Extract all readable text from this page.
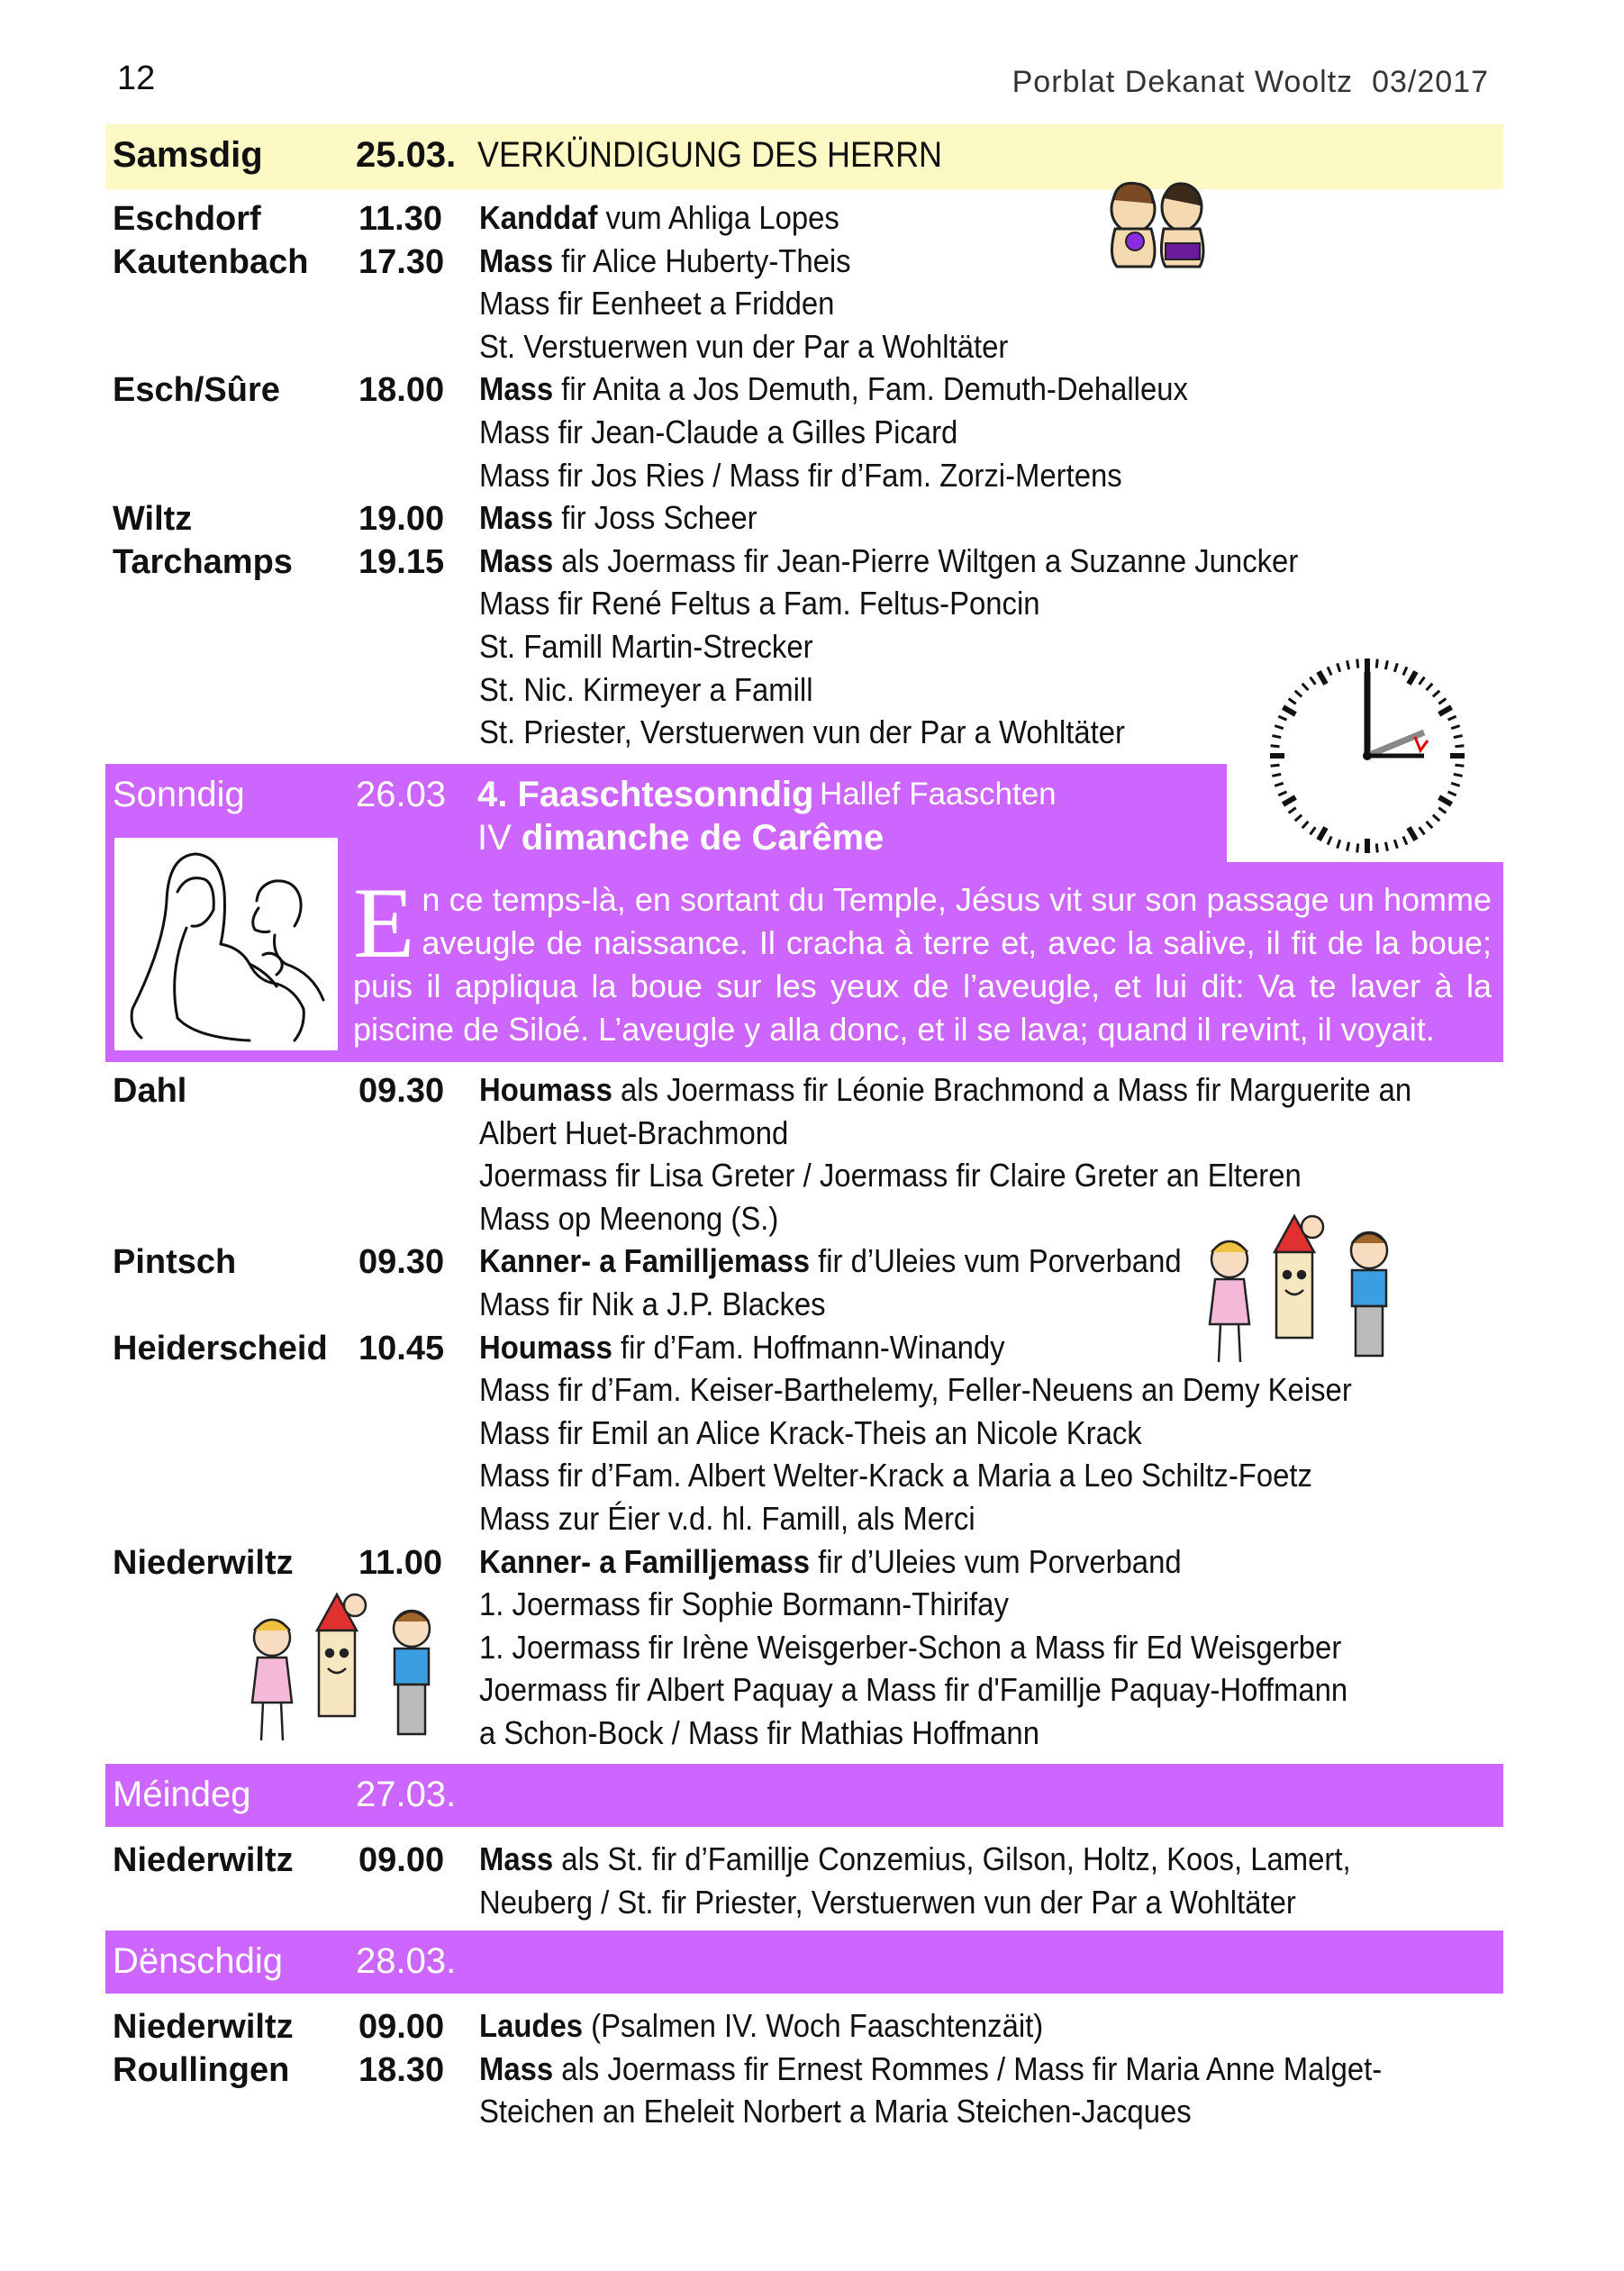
12	Porblat Dekanat Wooltz 03/2017
Samsdig	25.03. VERKÜNDIGUNG DES HERRN
Eschdorf	11.30 Kanddaf vum Ahliga Lopes
Kautenbach 17.30 Mass fir Alice Huberty-Theis
Mass fir Eenheet a Fridden
St. Verstuerwen vun der Par a Wohltäter
Esch/Sûre 18.00 Mass fir Anita a Jos Demuth, Fam. Demuth-Dehalleux
Mass fir Jean-Claude a Gilles Picard
Mass fir Jos Ries / Mass fir d’Fam. Zorzi-Mertens
Wiltz	19.00 Mass fir Joss Scheer
Tarchamps 19.15 Mass als Joermass fir Jean-Pierre Wiltgen a Suzanne Juncker
Mass fir René Feltus a Fam. Feltus-Poncin
St. Famill Martin-Strecker
St. Nic. Kirmeyer a Famill
St. Priester, Verstuerwen vun der Par a Wohltäter
Sonndig	26.03 4. Faaschtesonndig Hallef Faaschten
IV dimanche de Carême
En ce temps-là, en sortant du Temple, Jésus vit sur son passage un homme aveugle de naissance. Il cracha à terre et, avec la salive, il fit de la boue; puis il appliqua la boue sur les yeux de l’aveugle, et lui dit: Va te laver à la piscine de Siloé. L’aveugle y alla donc, et il se lava; quand il revint, il voyait.
Jn 9,1-41
Dahl	09.30 Houmass als Joermass fir Léonie Brachmond a Mass fir Marguerite an
Albert Huet-Brachmond
Joermass fir Lisa Greter / Joermass fir Claire Greter an Elteren
Mass op Meenong (S.)
Pintsch	09.30 Kanner- a Familljemass fir d’Uleies vum Porverband
Mass fir Nik a J.P. Blackes
Heiderscheid 10.45 Houmass fir d’Fam. Hoffmann-Winandy
Mass fir d’Fam. Keiser-Barthelemy, Feller-Neuens an Demy Keiser
Mass fir Emil an Alice Krack-Theis an Nicole Krack
Mass fir d’Fam. Albert Welter-Krack a Maria a Leo Schiltz-Foetz
Mass zur Éier v.d. hl. Famill, als Merci
Niederwiltz 11.00 Kanner- a Familljemass fir d’Uleies vum Porverband
1. Joermass fir Sophie Bormann-Thirifay
1. Joermass fir Irène Weisgerber-Schon a Mass fir Ed Weisgerber
Joermass fir Albert Paquay a Mass fir d'Famillje Paquay-Hoffmann
a Schon-Bock / Mass fir Mathias Hoffmann
Méindeg	27.03.
Niederwiltz 09.00 Mass als St. fir d’Famillje Conzemius, Gilson, Holtz, Koos, Lamert,
Neuberg / St. fir Priester, Verstuerwen vun der Par a Wohltäter
Dënschdig 28.03.
Niederwiltz 09.00 Laudes (Psalmen IV. Woch Faaschtenzäit)
Roullingen 18.30 Mass als Joermass fir Ernest Rommes / Mass fir Maria Anne Malget-
Steichen an Eheleit Norbert a Maria Steichen-Jacques
